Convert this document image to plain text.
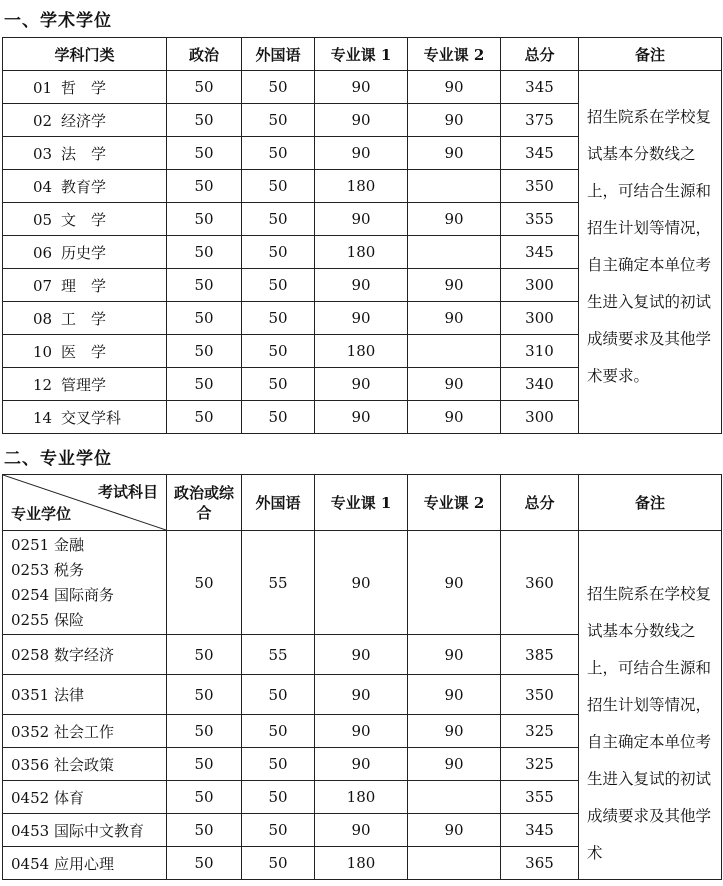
一、学术学位
学科门类	政治	外国语	专业课 1	专业课 2	总分	备注
01 哲　学	50	50	90	90	345	招生院系在学校复试基本分数线之上，可结合生源和招生计划等情况，自主确定本单位考生进入复试的初试成绩要求及其他学术要求。
02 经济学	50	50	90	90	375	
03 法　学	50	50	90	90	345	
04 教育学	50	50	180		350	
05 文　学	50	50	90	90	355	
06 历史学	50	50	180		345	
07 理　学	50	50	90	90	300	
08 工　学	50	50	90	90	300	
10 医　学	50	50	180		310	
12 管理学	50	50	90	90	340	
14 交叉学科	50	50	90	90	300	
二、专业学位
考试科目
专业学位	政治或综合	外国语	专业课 1	专业课 2	总分	备注

0251 金融
0253 税务
0254 国际商务
0255 保险	50	55	90	90	360	招生院系在学校复试基本分数线之上，可结合生源和招生计划等情况，自主确定本单位考生进入复试的初试成绩要求及其他学术
0258 数字经济	50	55	90	90	385	
0351 法律	50	50	90	90	350	
0352 社会工作	50	50	90	90	325	
0356 社会政策	50	50	90	90	325	
0452 体育	50	50	180		355	
0453 国际中文教育	50	50	90	90	345	
0454 应用心理	50	50	180		365	
